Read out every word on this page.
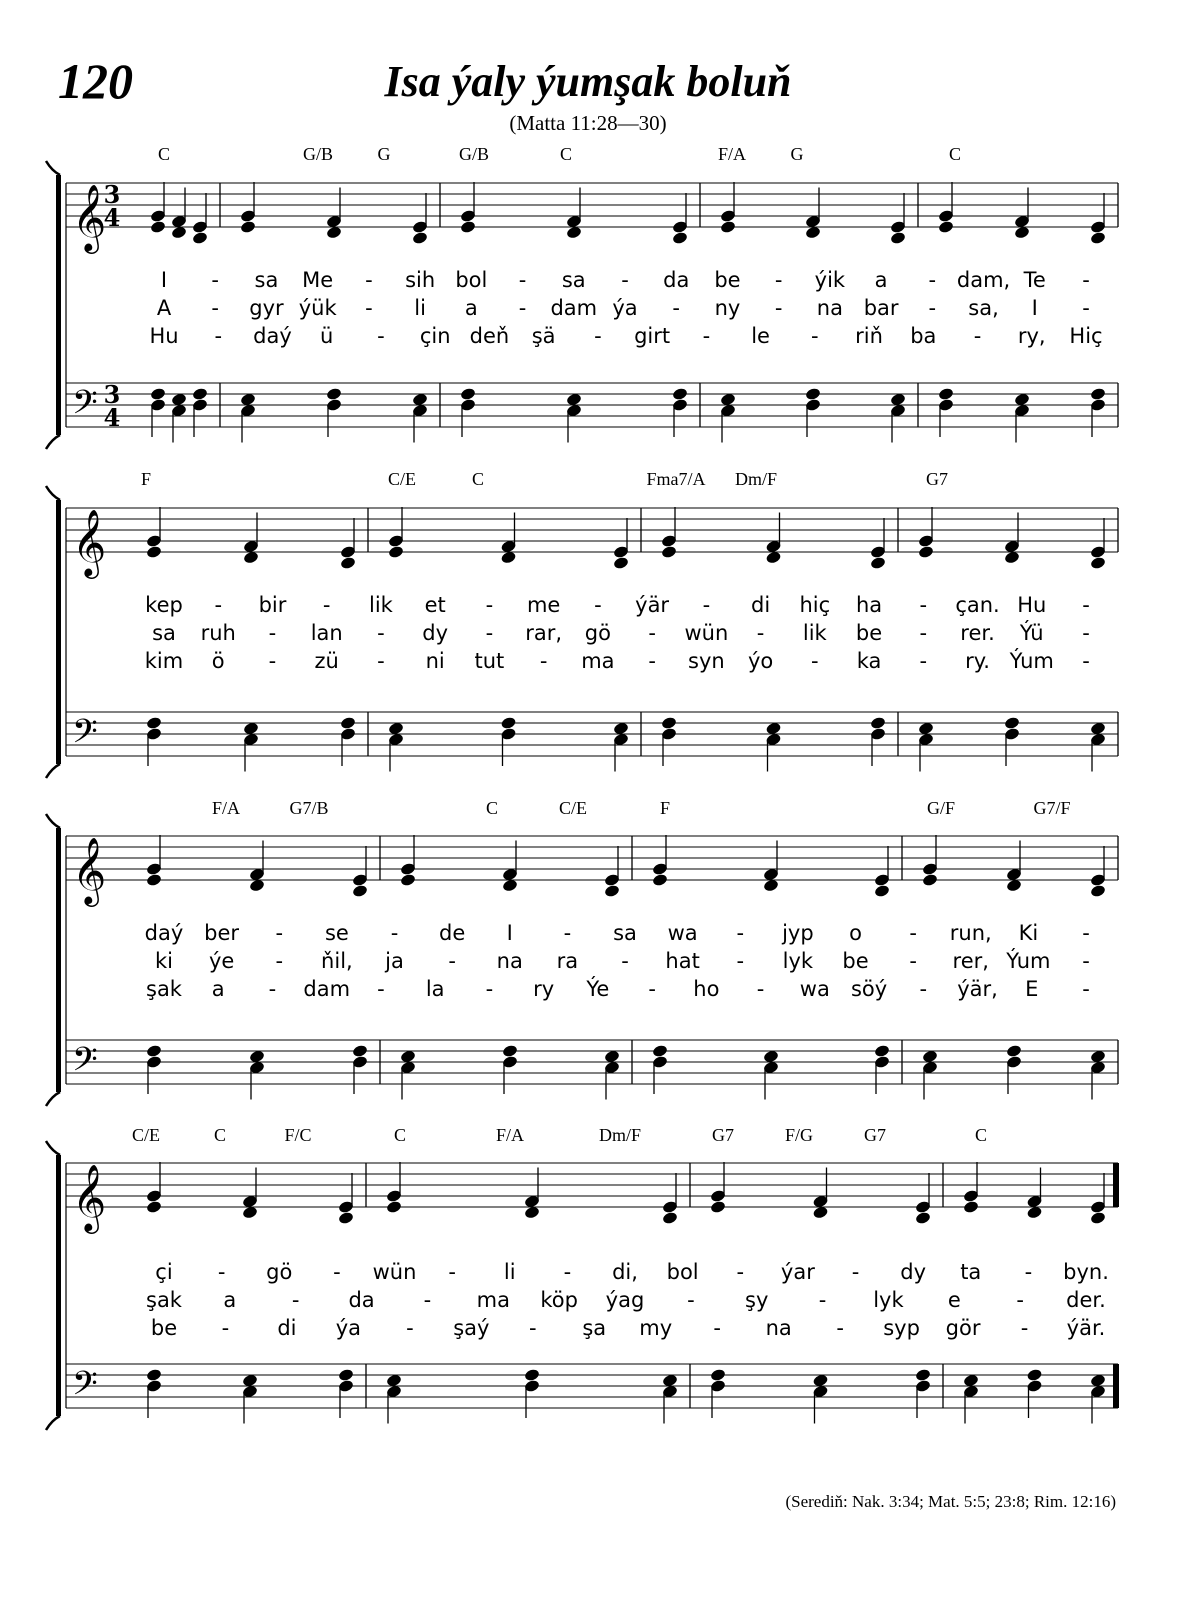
120	Isa ýaly ýumşak boluň
(Matta 11:28—30)
(Serediň: Nak. 3:34; Mat. 5:5; 23:8; Rim. 12:16)
𝄞
3
4
𝄢 3
4
C	G/B G	G/B	C	F/A G	C
I - sa Me - sih bol - sa - da be - ýik a - dam, Te -
A - gyr ýük - li a - dam ýa - ny - na bar - sa, I -
Hu - daý ü - çin deň şä - girt - le - riň ba - ry, Hiç
𝄞
𝄢
F	C/E	C	Fma7/A Dm/F	G7
kep - bir - lik et - me - ýär - di hiç ha - çan. Hu -
sa ruh - lan - dy - rar, gö - wün - lik be - rer. Ýü -
kim ö - zü - ni tut - ma - syn ýo - ka - ry. Ýum -
𝄞
𝄢
F/A	G7/B	C	C/E	F	G/F	G7/F
daý ber - se - de I - sa wa - jyp o - run, Ki -
ki ýe - ňil, ja - na ra - hat - lyk be - rer, Ýum -
şak a - dam - la - ry Ýe - ho - wa söý - ýär, E -
𝄞
𝄢
C/E	C	F/C	C	F/A	Dm/F	G7	F/G	G7	C
çi - gö - wün - li - di, bol - ýar - dy ta - byn.
şak a	- da - ma köp ýag - şy - lyk e	- der.
be - di ýa - şaý - şa my - na - syp gör - ýär.
